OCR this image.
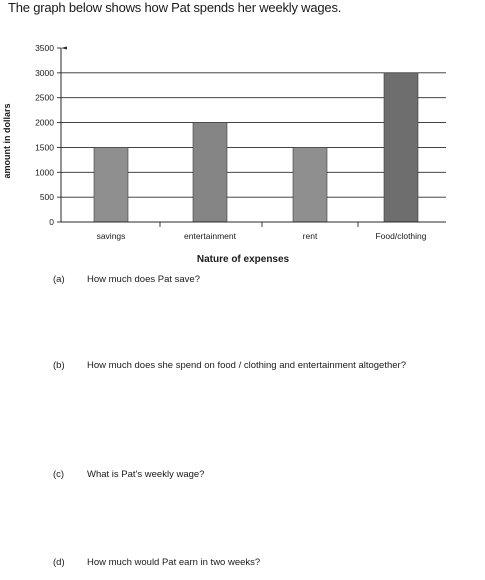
The graph below shows how Pat spends her weekly wages.
0
500
1000
1500
2000
2500
3000
3500
savings	entertainment	rent	Food/clothing
amount in dollars
Nature of expenses
(a) How much does Pat save?
(b) How much does she spend on food / clothing and entertainment altogether?
(c) What is Pat's weekly wage?
(d) How much would Pat earn in two weeks?
